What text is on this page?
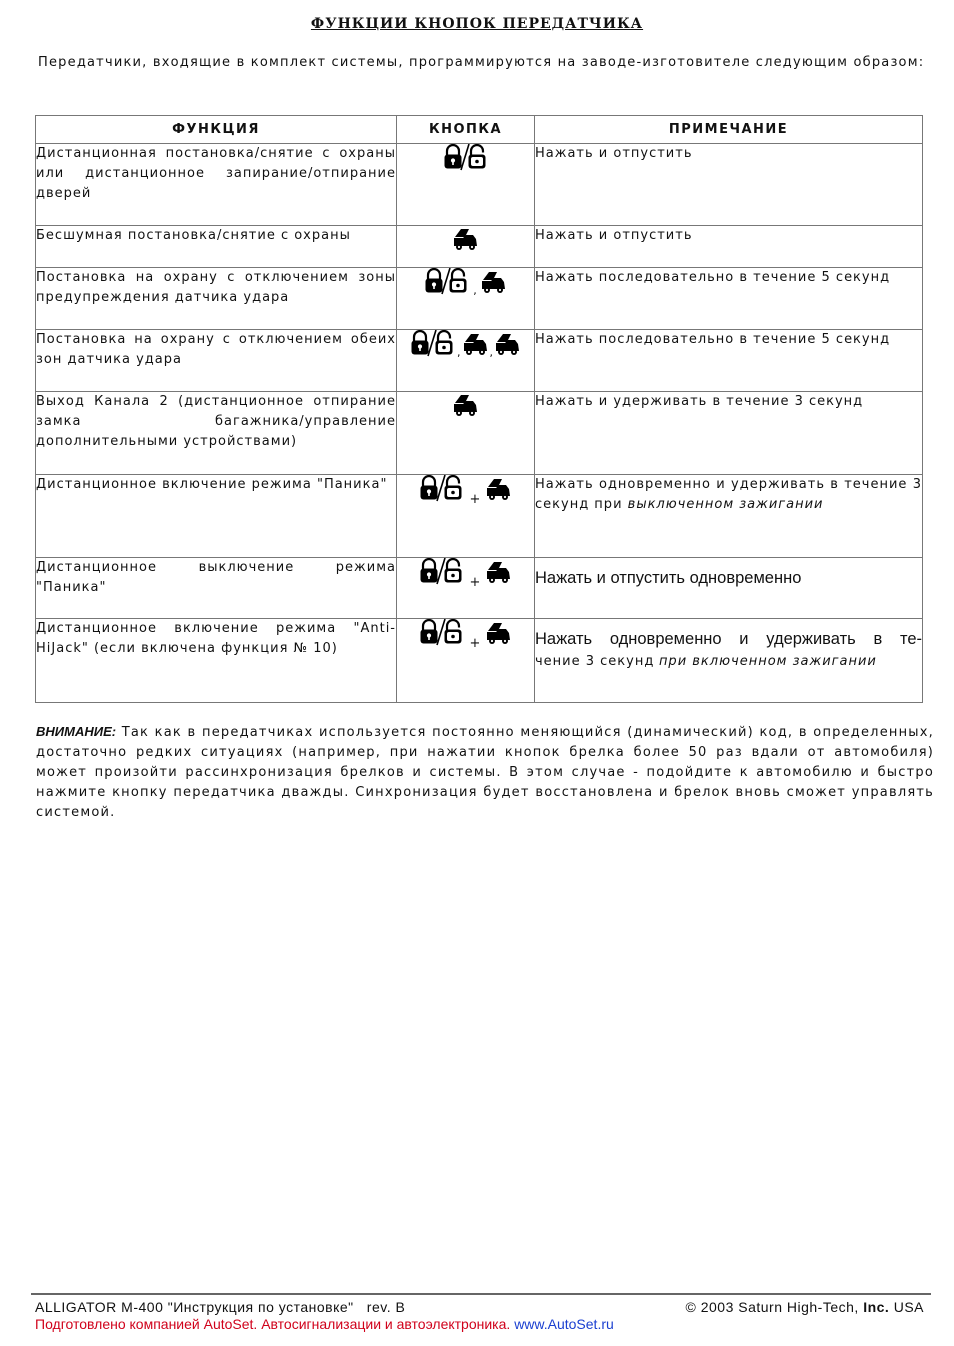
ФУНКЦИИ КНОПОК ПЕРЕДАТЧИКА
Передатчики, входящие в комплект системы, программируются на заводе-изготовителе следующим образом:
ФУНКЦИЯ	КНОПКА	ПРИМЕЧАНИЕ
Дистанционная постановка/снятие с охраны или дистанционное запирание/отпирание дверей		Нажать и отпустить
Бесшумная постановка/снятие с охраны		Нажать и отпустить
Постановка на охрану с отключением зоны предупреждения датчика удара	$_,$	Нажать последовательно в течение 5 секунд
Постановка на охрану с отключением обеих зон датчика удара	$_,$ $_,$	Нажать последовательно в течение 5 секунд
Выход Канала 2 (дистанционное отпирание замка багажника/управление дополнительными устройствами)		Нажать и удерживать в течение 3 секунд
Дистанционное включение режима "Паника"	+	Нажать одновременно и удерживать в течение 3 секунд при выключенном зажигании
Дистанционное выключение режима "Паника"	+	Нажать и отпустить одновременно
Дистанционное включение режима "Anti-HiJack" (если включена функция № 10)	+	Нажать одновременно и удерживать в те-
чение 3 секунд при включенном зажигании
ВНИМАНИЕ: Так как в передатчиках используется постоянно меняющийся (динамический) код, в определенных, достаточно редких ситуациях (например, при нажатии кнопок брелка более 50 раз вдали от автомобиля) может произойти рассинхронизация брелков и системы. В этом случае - подойдите к автомобилю и быстро нажмите кнопку передатчика дважды. Синхронизация будет восстановлена и брелок вновь сможет управлять системой.
ALLIGATOR M-400 "Инструкция по установке"   rev. B	© 2003 Saturn High-Tech, Inc. USA
Подготовлено компанией AutoSet. Автосигнализации и автоэлектроника. www.AutoSet.ru
